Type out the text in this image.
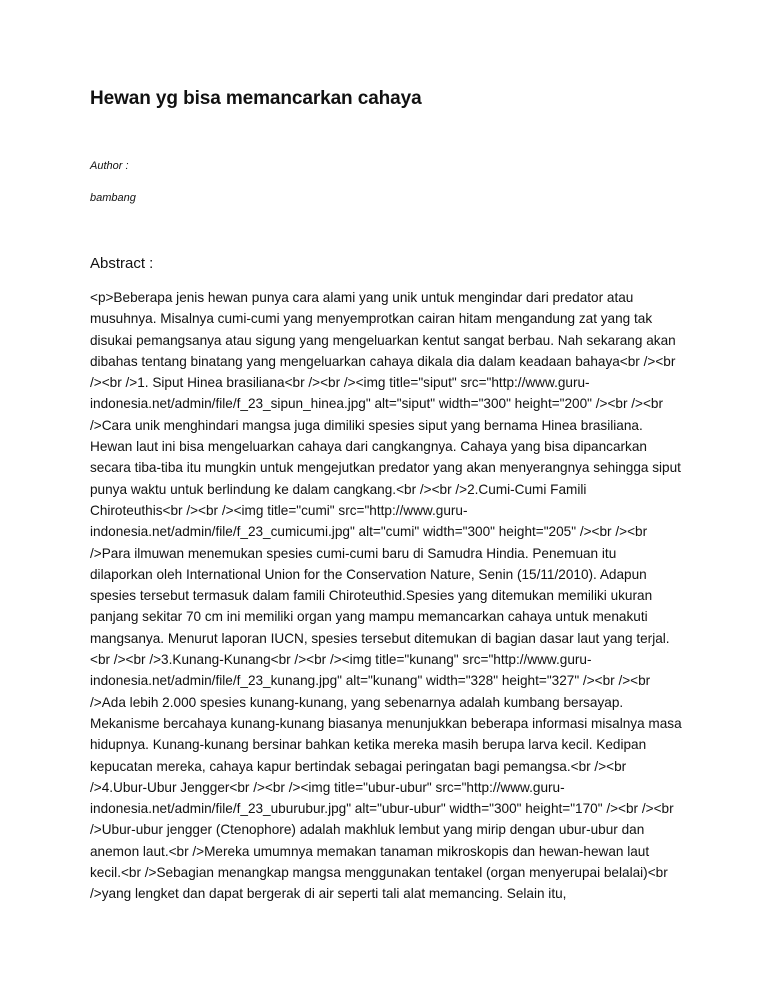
Hewan yg bisa memancarkan cahaya

Author :

bambang

Abstract :

<p>Beberapa jenis hewan punya cara alami yang unik untuk mengindar dari predator atau musuhnya. Misalnya cumi-cumi yang menyemprotkan cairan hitam mengandung zat yang tak disukai pemangsanya atau sigung yang mengeluarkan kentut sangat berbau. Nah sekarang akan dibahas tentang binatang yang mengeluarkan cahaya dikala dia dalam keadaan bahaya<br /><br /><br />1. Siput Hinea brasiliana<br /><br /><img title="siput" src="http://www.guru-indonesia.net/admin/file/f_23_sipun_hinea.jpg" alt="siput" width="300" height="200" /><br /><br />Cara unik menghindari mangsa juga dimiliki spesies siput yang bernama Hinea brasiliana. Hewan laut ini bisa mengeluarkan cahaya dari cangkangnya. Cahaya yang bisa dipancarkan secara tiba-tiba itu mungkin untuk mengejutkan predator yang akan menyerangnya sehingga siput punya waktu untuk berlindung ke dalam cangkang.<br /><br />2.Cumi-Cumi Famili Chiroteuthis<br /><br /><img title="cumi" src="http://www.guru-indonesia.net/admin/file/f_23_cumicumi.jpg" alt="cumi" width="300" height="205" /><br /><br />Para ilmuwan menemukan spesies cumi-cumi baru di Samudra Hindia. Penemuan itu dilaporkan oleh International Union for the Conservation Nature, Senin (15/11/2010). Adapun spesies tersebut termasuk dalam famili Chiroteuthid.Spesies yang ditemukan memiliki ukuran panjang sekitar 70 cm ini memiliki organ yang mampu memancarkan cahaya untuk menakuti mangsanya. Menurut laporan IUCN, spesies tersebut ditemukan di bagian dasar laut yang terjal.<br /><br />3.Kunang-Kunang<br /><br /><img title="kunang" src="http://www.guru-indonesia.net/admin/file/f_23_kunang.jpg" alt="kunang" width="328" height="327" /><br /><br />Ada lebih 2.000 spesies kunang-kunang, yang sebenarnya adalah kumbang bersayap. Mekanisme bercahaya kunang-kunang biasanya menunjukkan beberapa informasi misalnya masa hidupnya. Kunang-kunang bersinar bahkan ketika mereka masih berupa larva kecil. Kedipan kepucatan mereka, cahaya kapur bertindak sebagai peringatan bagi pemangsa.<br /><br />4.Ubur-Ubur Jengger<br /><br /><img title="ubur-ubur" src="http://www.guru-indonesia.net/admin/file/f_23_uburubur.jpg" alt="ubur-ubur" width="300" height="170" /><br /><br />Ubur-ubur jengger (Ctenophore) adalah makhluk lembut yang mirip dengan ubur-ubur dan anemon laut.<br />Mereka umumnya memakan tanaman mikroskopis dan hewan-hewan laut kecil.<br />Sebagian menangkap mangsa menggunakan tentakel (organ menyerupai belalai)<br />yang lengket dan dapat bergerak di air seperti tali alat memancing. Selain itu,
